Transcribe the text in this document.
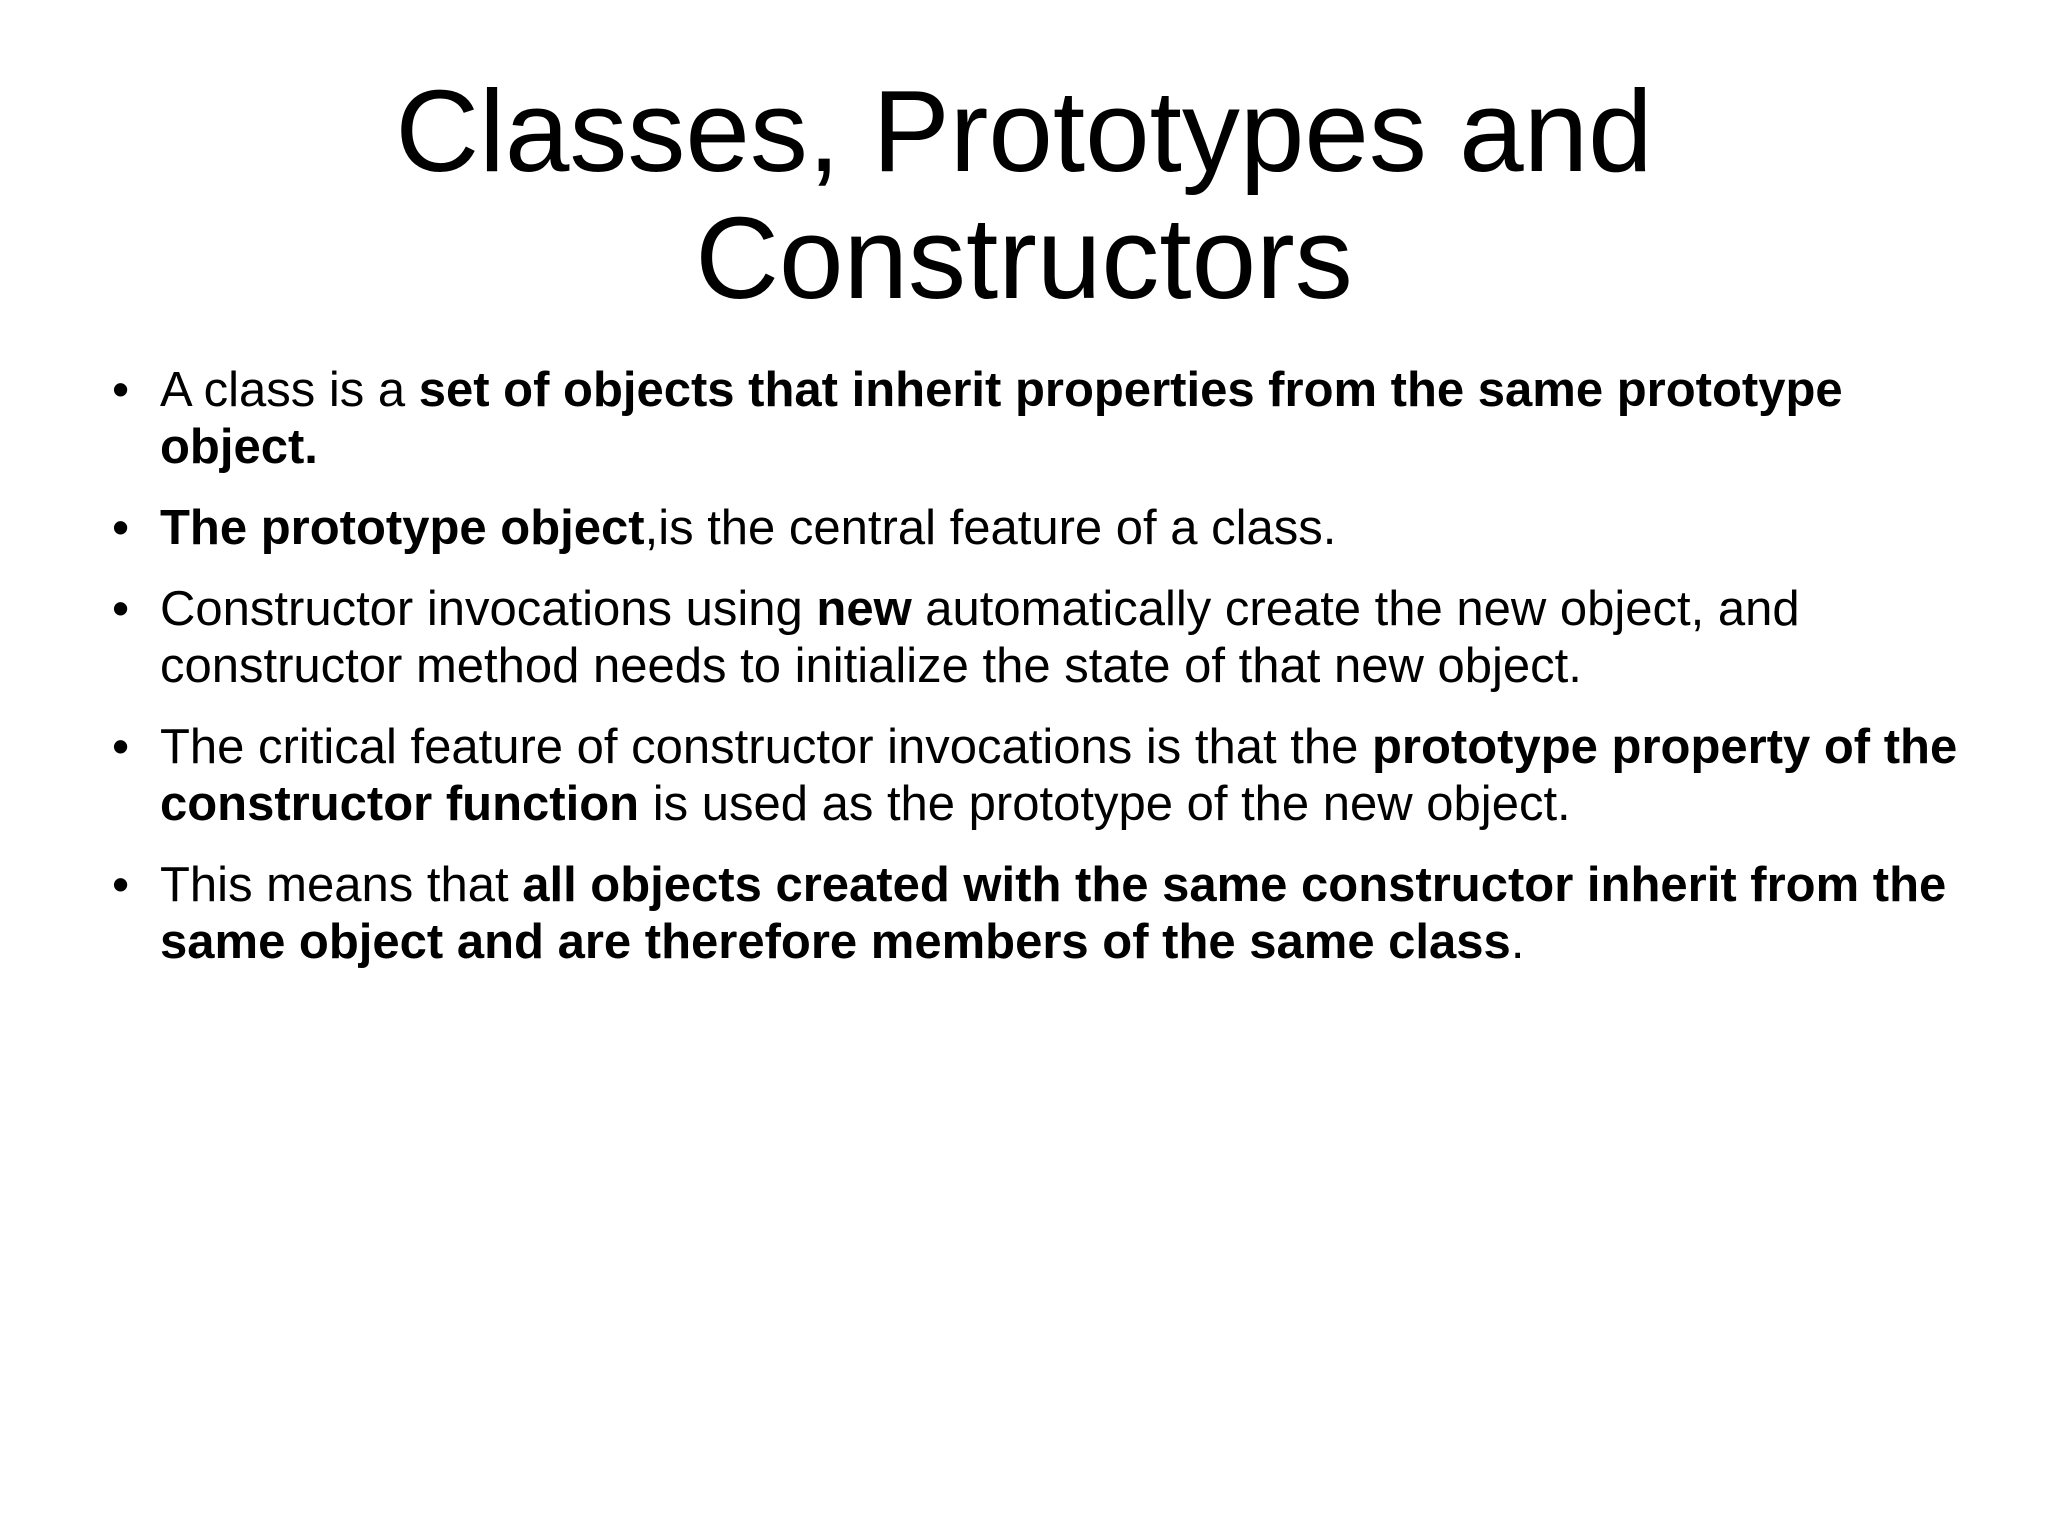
Classes, Prototypes and
Constructors
• A class is a set of objects that inherit properties from the same prototype object.
• The prototype object,is the central feature of a class.
• Constructor invocations using new automatically create the new object, and constructor method needs to initialize the state of that new object.
• The critical feature of constructor invocations is that the prototype property of the constructor function is used as the prototype of the new object.
• This means that all objects created with the same constructor inherit from the same object and are therefore members of the same class.
